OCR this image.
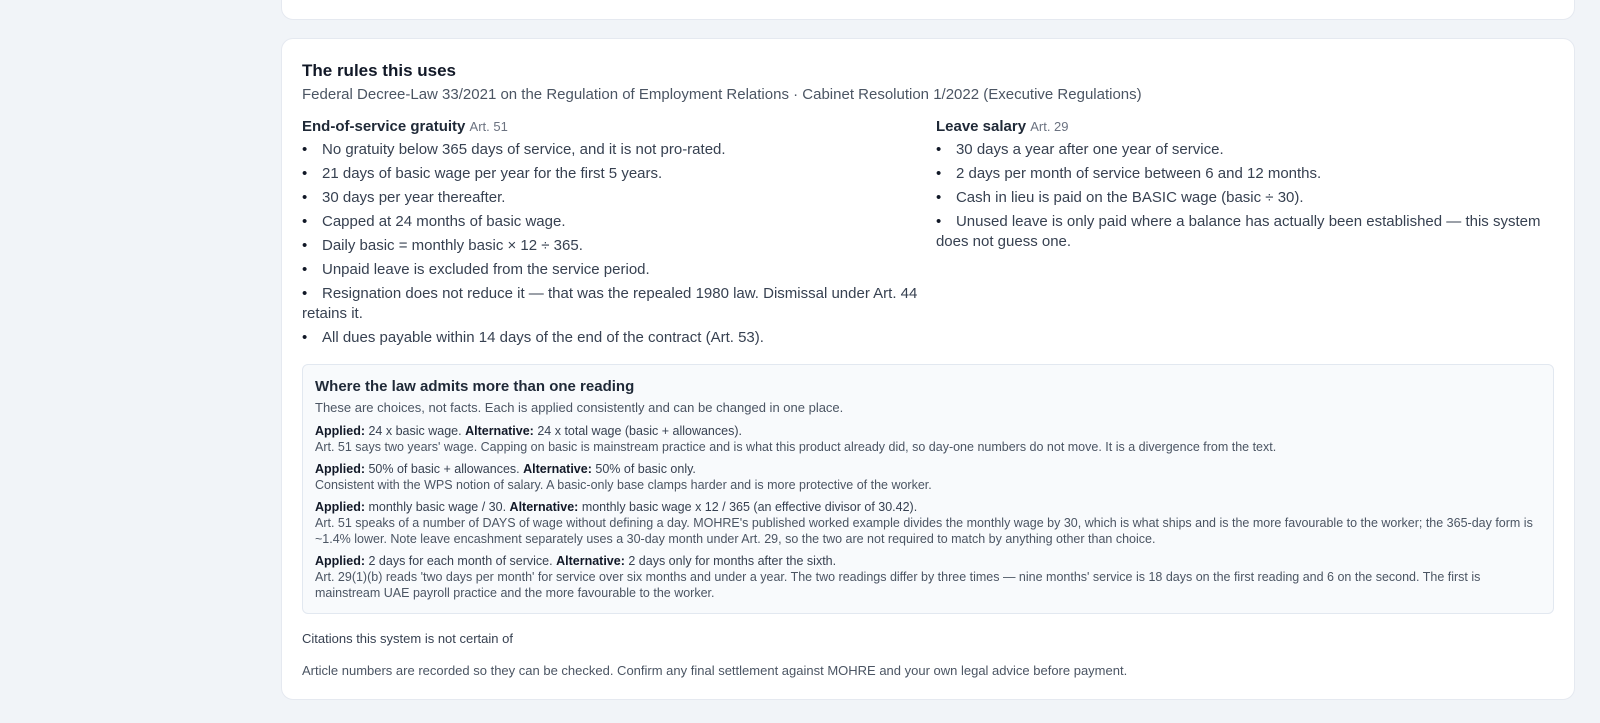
The rules this uses
Federal Decree-Law 33/2021 on the Regulation of Employment Relations · Cabinet Resolution 1/2022 (Executive Regulations)
End-of-service gratuity Art. 51
• No gratuity below 365 days of service, and it is not pro-rated.
• 21 days of basic wage per year for the first 5 years.
• 30 days per year thereafter.
• Capped at 24 months of basic wage.
• Daily basic = monthly basic × 12 ÷ 365.
• Unpaid leave is excluded from the service period.
• Resignation does not reduce it — that was the repealed 1980 law. Dismissal under Art. 44 retains it.
• All dues payable within 14 days of the end of the contract (Art. 53).
Leave salary Art. 29
• 30 days a year after one year of service.
• 2 days per month of service between 6 and 12 months.
• Cash in lieu is paid on the BASIC wage (basic ÷ 30).
• Unused leave is only paid where a balance has actually been established — this system does not guess one.
Where the law admits more than one reading
These are choices, not facts. Each is applied consistently and can be changed in one place.
Applied: 24 x basic wage. Alternative: 24 x total wage (basic + allowances).
Art. 51 says two years' wage. Capping on basic is mainstream practice and is what this product already did, so day-one numbers do not move. It is a divergence from the text.
Applied: 50% of basic + allowances. Alternative: 50% of basic only.
Consistent with the WPS notion of salary. A basic-only base clamps harder and is more protective of the worker.
Applied: monthly basic wage / 30. Alternative: monthly basic wage x 12 / 365 (an effective divisor of 30.42).
Art. 51 speaks of a number of DAYS of wage without defining a day. MOHRE's published worked example divides the monthly wage by 30, which is what ships and is the more favourable to the worker; the 365-day form is ~1.4% lower. Note leave encashment separately uses a 30-day month under Art. 29, so the two are not required to match by anything other than choice.
Applied: 2 days for each month of service. Alternative: 2 days only for months after the sixth.
Art. 29(1)(b) reads 'two days per month' for service over six months and under a year. The two readings differ by three times — nine months' service is 18 days on the first reading and 6 on the second. The first is mainstream UAE payroll practice and the more favourable to the worker.
Citations this system is not certain of
Article numbers are recorded so they can be checked. Confirm any final settlement against MOHRE and your own legal advice before payment.
